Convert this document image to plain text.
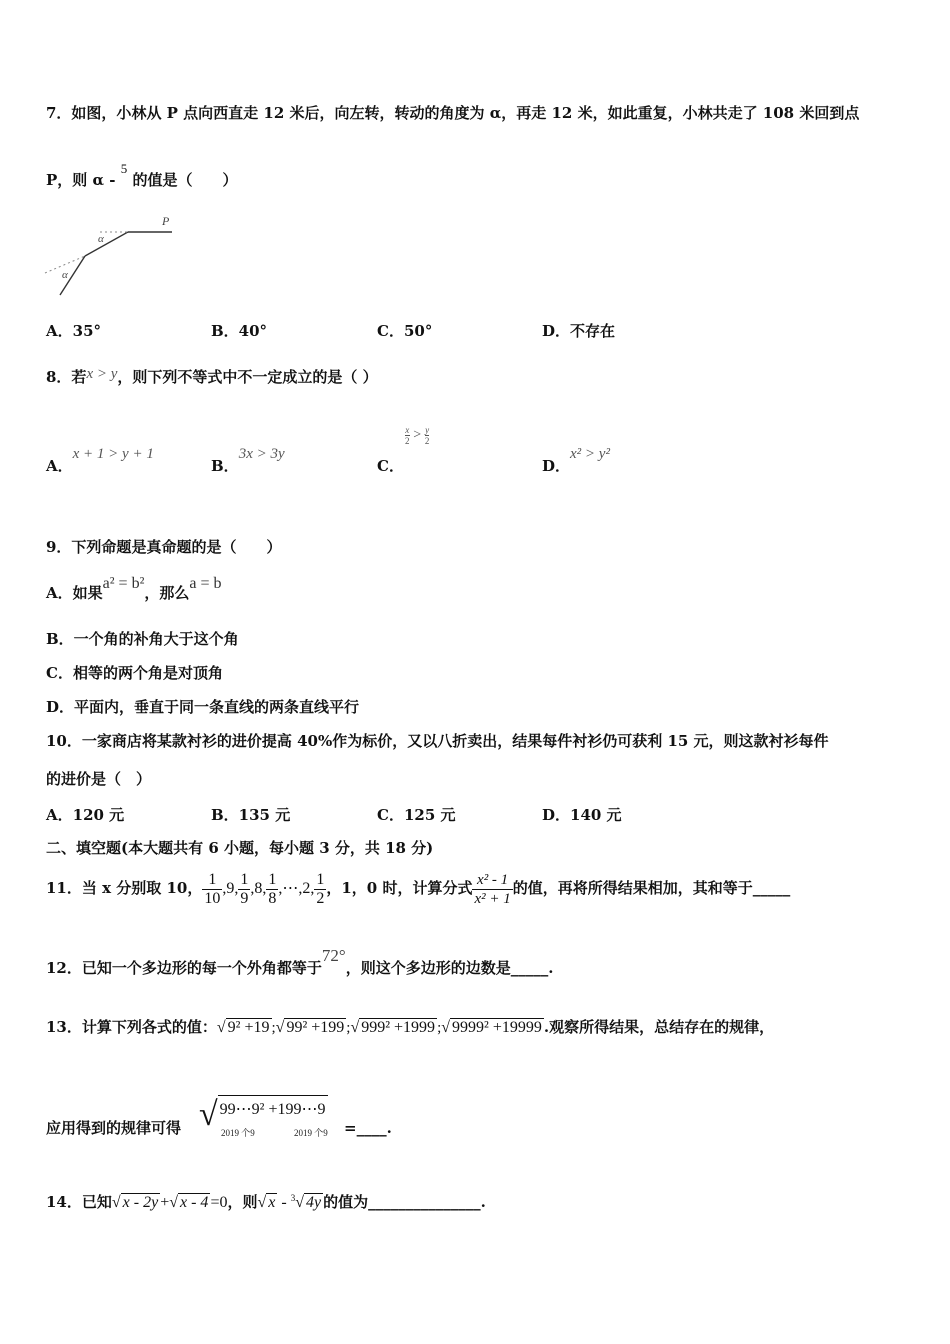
7．如图，小林从 P 点向西直走 12 米后，向左转，转动的角度为 α，再走 12 米，如此重复，小林共走了 108 米回到点
P，则 α - $^5$ 的值是（　　）
P
α
α
A．35°	B．40°	C．50°	D．不存在
8．若x > y，则下列不等式中不一定成立的是（ ）
A．x + 1 > y + 1
B．3x > 3y
C．
$\frac{x}{2} > \frac{y}{2}$
D．x² > y²
9．下列命题是真命题的是（　　）
A．如果a² = b²，那么a = b
B．一个角的补角大于这个角
C．相等的两个角是对顶角
D．平面内，垂直于同一条直线的两条直线平行
10．一家商店将某款衬衫的进价提高 40%作为标价，又以八折卖出，结果每件衬衫仍可获利 15 元，则这款衬衫每件
的进价是（　）
A．120 元	B．135 元	C．125 元	D．140 元
二、填空题(本大题共有 6 小题，每小题 3 分，共 18 分)
11．当 x 分别取 10， $\frac{1}{10} ,9$, $\frac{1}{9} ,8$, $\frac{1}{8}$ ,⋯,2, $\frac{1}{2}$ ，1，0 时，计算分式 $\frac{\text{x² - 1}}{\text{x² + 1}}$ 的值，再将所得结果相加，其和等于_____
12．已知一个多边形的每一个外角都等于72°，则这个多边形的边数是_____.
13．计算下列各式的值：√ 9² +19 ;√ 99² +199 ;√ 999² +1999 ;√ 9999² +19999 .观察所得结果，总结存在的规律，
应用得到的规律可得 √ 99⋯9² +199⋯9
2019 个9	2019 个9 =____.
14．已知√ x - 2y +√ x - 4 =0，则√ x - $^3$√ 4y 的值为_______________.
